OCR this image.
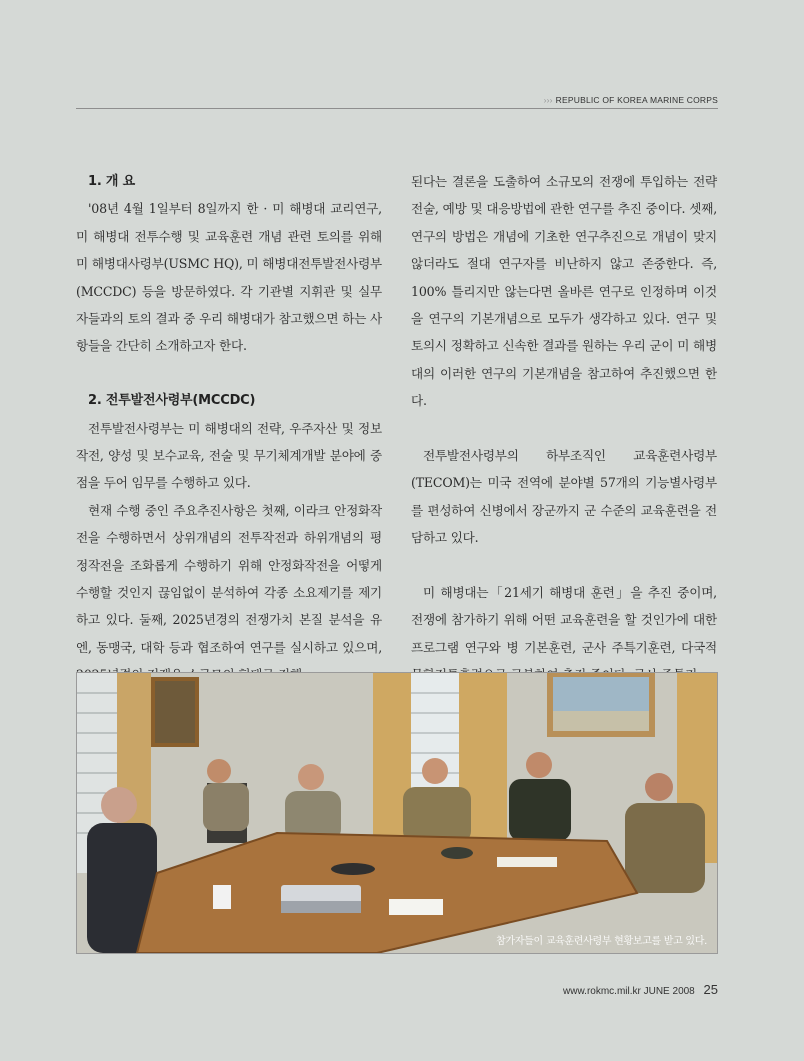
››› REPUBLIC OF KOREA MARINE CORPS
1. 개 요

'08년 4월 1일부터 8일까지 한 · 미 해병대 교리연구, 미 해병대 전투수행 및 교육훈련 개념 관련 토의를 위해 미 해병대사령부(USMC HQ), 미 해병대전투발전사령부(MCCDC) 등을 방문하였다. 각 기관별 지휘관 및 실무자들과의 토의 결과 중 우리 해병대가 참고했으면 하는 사항들을 간단히 소개하고자 한다.

2. 전투발전사령부(MCCDC)

전투발전사령부는 미 해병대의 전략, 우주자산 및 정보작전, 양성 및 보수교육, 전술 및 무기체계개발 분야에 중점을 두어 임무를 수행하고 있다.

현재 수행 중인 주요추진사항은 첫째, 이라크 안정화작전을 수행하면서 상위개념의 전투작전과 하위개념의 평정작전을 조화롭게 수행하기 위해 안정화작전을 어떻게 수행할 것인지 끊임없이 분석하여 각종 소요제기를 제기하고 있다. 둘째, 2025년경의 전쟁가치 본질 분석을 유엔, 동맹국, 대학 등과 협조하여 연구를 실시하고 있으며,

된다는 결론을 도출하여 소규모의 전쟁에 투입하는 전략전술, 예방 및 대응방법에 관한 연구를 추진 중이다. 셋째, 연구의 방법은 개념에 기초한 연구추진으로 개념이 맞지 않더라도 절대 연구자를 비난하지 않고 존중한다. 즉, 100% 틀리지만 않는다면 올바른 연구로 인정하며 이것을 연구의 기본개념으로 모두가 생각하고 있다. 연구 및 토의시 정확하고 신속한 결과를 원하는 우리 군이 미 해병대의 이러한 연구의 기본개념을 참고하여 추진했으면 한다.

전투발전사령부의 하부조직인 교육훈련사령부(TECOM)는 미국 전역에 분야별 57개의 기능별사령부를 편성하여 신병에서 장군까지 군 수준의 교육훈련을 전담하고 있다.

미 해병대는「21세기 해병대 훈련」을 추진 중이며, 전쟁에 참가하기 위해 어떤 교육훈련을 할 것인가에 대한 프로그램 연구와 병 기본훈련, 군사 주특기훈련, 다국적

참가자들이 교육훈련사령부 현황보고를 받고 있다.
www.rokmc.mil.kr JUNE 2008 25
